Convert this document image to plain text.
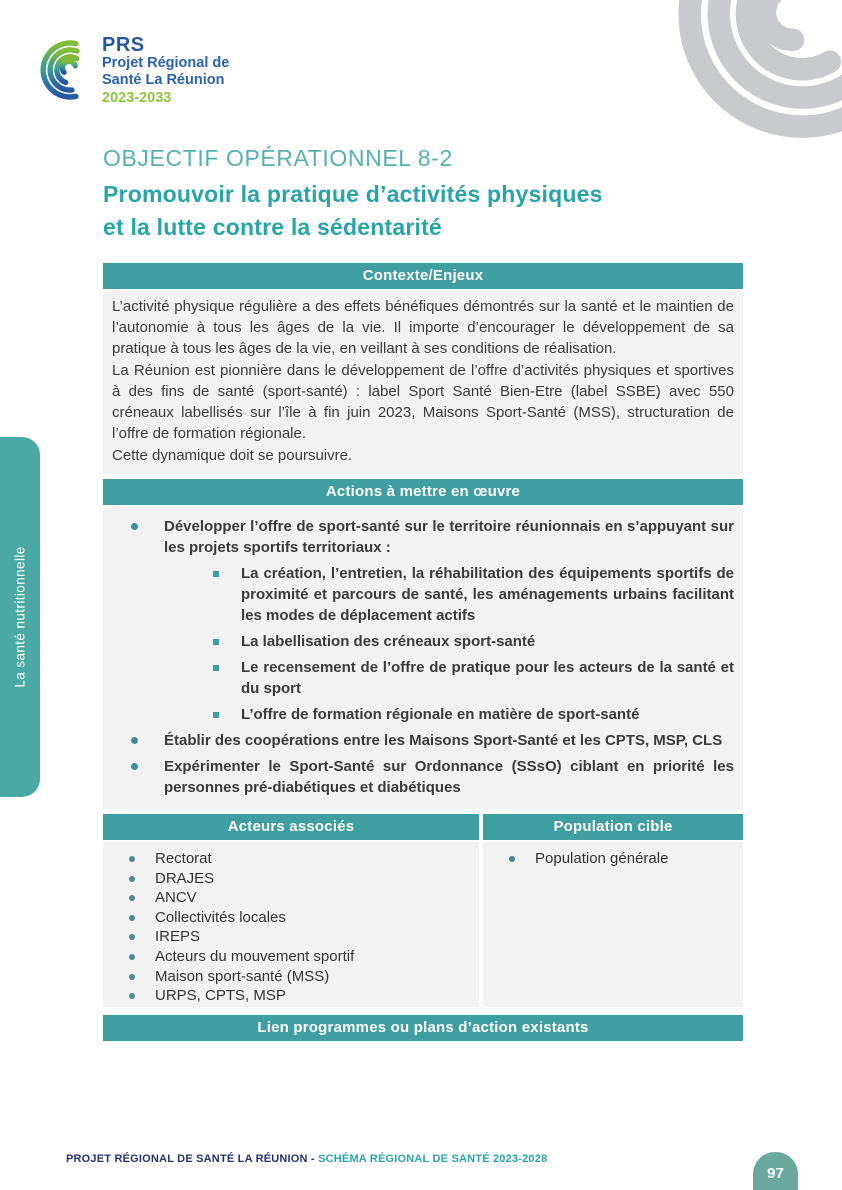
PRS
Projet Régional de
Santé La Réunion
2023-2033
La santé nutritionnelle
OBJECTIF OPÉRATIONNEL 8-2
Promouvoir la pratique d’activités physiques
et la lutte contre la sédentarité
Contexte/Enjeux

L’activité physique régulière a des effets bénéfiques démontrés sur la santé et le maintien de l’autonomie à tous les âges de la vie. Il importe d’encourager le développement de sa pratique à tous les âges de la vie, en veillant à ses conditions de réalisation.

La Réunion est pionnière dans le développement de l’offre d’activités physiques et sportives à des fins de santé (sport-santé) : label Sport Santé Bien-Etre (label SSBE) avec 550 créneaux labellisés sur l’île à fin juin 2023, Maisons Sport-Santé (MSS), structuration de l’offre de formation régionale.

Cette dynamique doit se poursuivre.

Actions à mettre en œuvre
Développer l’offre de sport-santé sur le territoire réunionnais en s’appuyant sur les projets sportifs territoriaux :
La création, l’entretien, la réhabilitation des équipements sportifs de proximité et parcours de santé, les aménagements urbains facilitant les modes de déplacement actifs
La labellisation des créneaux sport-santé
Le recensement de l’offre de pratique pour les acteurs de la santé et du sport
L’offre de formation régionale en matière de sport-santé
Établir des coopérations entre les Maisons Sport-Santé et les CPTS, MSP, CLS
Expérimenter le Sport-Santé sur Ordonnance (SSsO) ciblant en priorité les personnes pré-diabétiques et diabétiques
Acteurs associés
Rectorat
DRAJES
ANCV
Collectivités locales
IREPS
Acteurs du mouvement sportif
Maison sport-santé (MSS)
URPS, CPTS, MSP
Population cible
Population générale
Lien programmes ou plans d’action existants
PROJET RÉGIONAL DE SANTÉ LA RÉUNION - SCHÉMA RÉGIONAL DE SANTÉ 2023-2028
97
